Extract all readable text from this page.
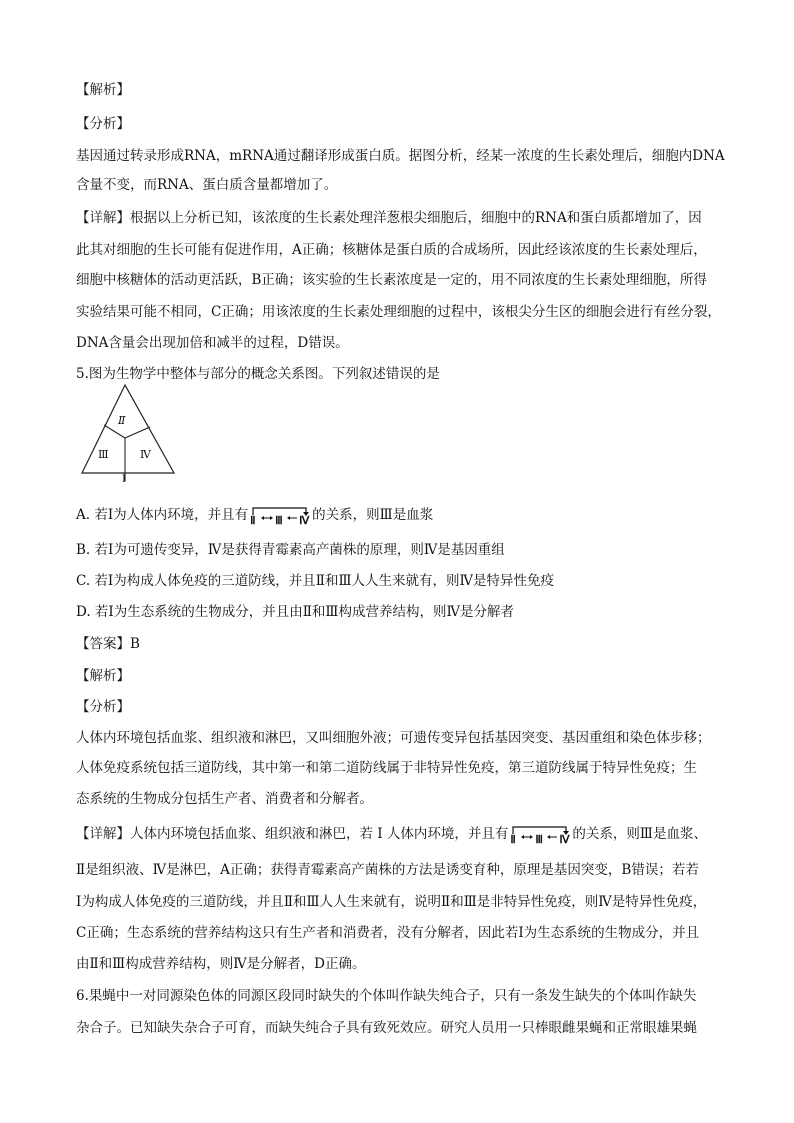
【解析】
【分析】
基因通过转录形成RNA，mRNA通过翻译形成蛋白质。据图分析，经某一浓度的生长素处理后，细胞内DNA
含量不变，而RNA、蛋白质含量都增加了。
【详解】根据以上分析已知，该浓度的生长素处理洋葱根尖细胞后，细胞中的RNA和蛋白质都增加了，因
此其对细胞的生长可能有促进作用，A正确；核糖体是蛋白质的合成场所，因此经该浓度的生长素处理后，
细胞中核糖体的活动更活跃，B正确；该实验的生长素浓度是一定的，用不同浓度的生长素处理细胞，所得
实验结果可能不相同，C正确；用该浓度的生长素处理细胞的过程中，该根尖分生区的细胞会进行有丝分裂，
DNA含量会出现加倍和减半的过程，D错误。
5.图为生物学中整体与部分的概念关系图。下列叙述错误的是
Ⅱ
Ⅲ	Ⅳ
Ⅰ
A. 若Ⅰ为人体内环境，并且有 Ⅱ Ⅲ Ⅳ 的关系，则Ⅲ是血浆
B. 若Ⅰ为可遗传变异，Ⅳ是获得青霉素高产菌株的原理，则Ⅳ是基因重组
C. 若Ⅰ为构成人体免疫的三道防线，并且Ⅱ和Ⅲ人人生来就有，则Ⅳ是特异性免疫
D. 若Ⅰ为生态系统的生物成分，并且由Ⅱ和Ⅲ构成营养结构，则Ⅳ是分解者
【答案】B
【解析】
【分析】
人体内环境包括血浆、组织液和淋巴，又叫细胞外液；可遗传变异包括基因突变、基因重组和染色体步移；
人体免疫系统包括三道防线，其中第一和第二道防线属于非特异性免疫，第三道防线属于特异性免疫；生
态系统的生物成分包括生产者、消费者和分解者。
【详解】人体内环境包括血浆、组织液和淋巴，若 Ⅰ 人体内环境，并且有 Ⅱ Ⅲ Ⅳ 的关系，则Ⅲ是血浆、
Ⅱ是组织液、Ⅳ是淋巴，A正确；获得青霉素高产菌株的方法是诱变育种，原理是基因突变，B错误；若若
Ⅰ为构成人体免疫的三道防线，并且Ⅱ和Ⅲ人人生来就有，说明Ⅱ和Ⅲ是非特异性免疫，则Ⅳ是特异性免疫，
C正确；生态系统的营养结构这只有生产者和消费者，没有分解者，因此若Ⅰ为生态系统的生物成分，并且
由Ⅱ和Ⅲ构成营养结构，则Ⅳ是分解者，D正确。
6.果蝇中一对同源染色体的同源区段同时缺失的个体叫作缺失纯合子，只有一条发生缺失的个体叫作缺失
杂合子。已知缺失杂合子可育，而缺失纯合子具有致死效应。研究人员用一只棒眼雌果蝇和正常眼雄果蝇
